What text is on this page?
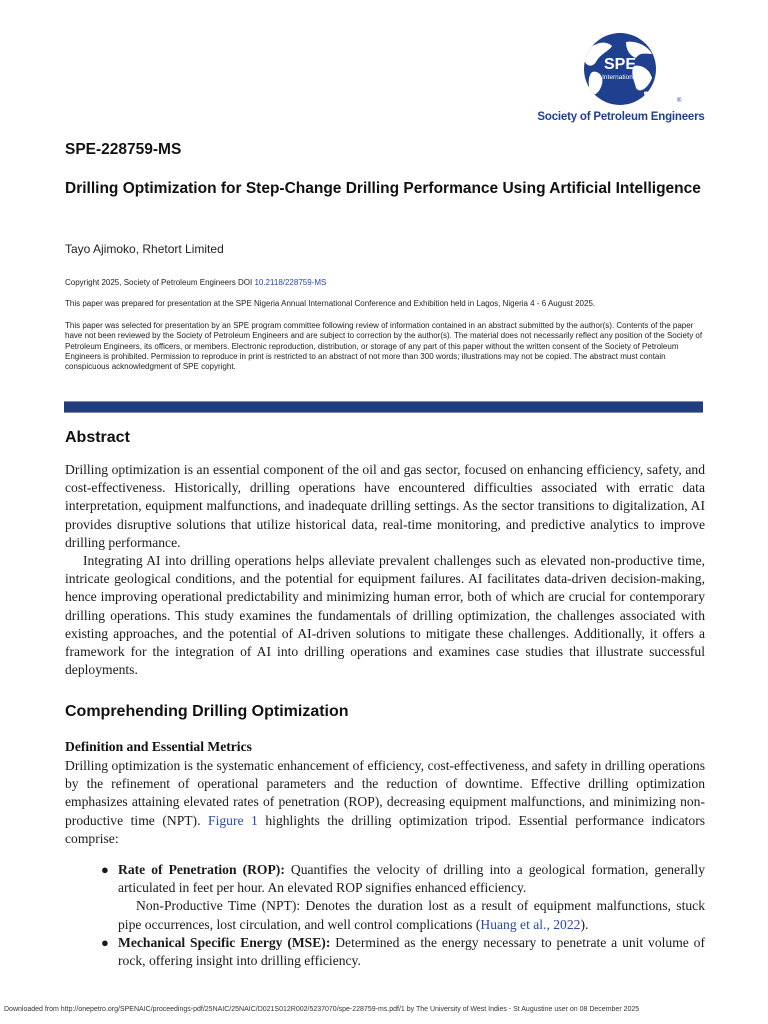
SPE
International
®
Society of Petroleum Engineers
SPE-228759-MS
Drilling Optimization for Step-Change Drilling Performance Using Artificial Intelligence
Tayo Ajimoko, Rhetort Limited
Copyright 2025, Society of Petroleum Engineers DOI 10.2118/228759-MS
This paper was prepared for presentation at the SPE Nigeria Annual International Conference and Exhibition held in Lagos, Nigeria 4 - 6 August 2025.
This paper was selected for presentation by an SPE program committee following review of information contained in an abstract submitted by the author(s). Contents of the paper have not been reviewed by the Society of Petroleum Engineers and are subject to correction by the author(s). The material does not necessarily reflect any position of the Society of Petroleum Engineers, its officers, or members. Electronic reproduction, distribution, or storage of any part of this paper without the written consent of the Society of Petroleum Engineers is prohibited. Permission to reproduce in print is restricted to an abstract of not more than 300 words; illustrations may not be copied. The abstract must contain conspicuous acknowledgment of SPE copyright.
Abstract
Drilling optimization is an essential component of the oil and gas sector, focused on enhancing efficiency, safety, and cost-effectiveness. Historically, drilling operations have encountered difficulties associated with erratic data interpretation, equipment malfunctions, and inadequate drilling settings. As the sector transitions to digitalization, AI provides disruptive solutions that utilize historical data, real-time monitoring, and predictive analytics to improve drilling performance.
Integrating AI into drilling operations helps alleviate prevalent challenges such as elevated non-productive time, intricate geological conditions, and the potential for equipment failures. AI facilitates data-driven decision-making, hence improving operational predictability and minimizing human error, both of which are crucial for contemporary drilling operations. This study examines the fundamentals of drilling optimization, the challenges associated with existing approaches, and the potential of AI-driven solutions to mitigate these challenges. Additionally, it offers a framework for the integration of AI into drilling operations and examines case studies that illustrate successful deployments.
Comprehending Drilling Optimization
Definition and Essential Metrics
Drilling optimization is the systematic enhancement of efficiency, cost-effectiveness, and safety in drilling operations by the refinement of operational parameters and the reduction of downtime. Effective drilling optimization emphasizes attaining elevated rates of penetration (ROP), decreasing equipment malfunctions, and minimizing non-productive time (NPT). Figure 1 highlights the drilling optimization tripod. Essential performance indicators comprise:
● Rate of Penetration (ROP): Quantifies the velocity of drilling into a geological formation, generally articulated in feet per hour. An elevated ROP signifies enhanced efficiency.
Non-Productive Time (NPT): Denotes the duration lost as a result of equipment malfunctions, stuck pipe occurrences, lost circulation, and well control complications (Huang et al., 2022).
● Mechanical Specific Energy (MSE): Determined as the energy necessary to penetrate a unit volume of rock, offering insight into drilling efficiency.
Downloaded from http://onepetro.org/SPENAIC/proceedings-pdf/25NAIC/25NAIC/D021S012R002/5237070/spe-228759-ms.pdf/1 by The University of West Indies - St Augustine user on 08 December 2025
